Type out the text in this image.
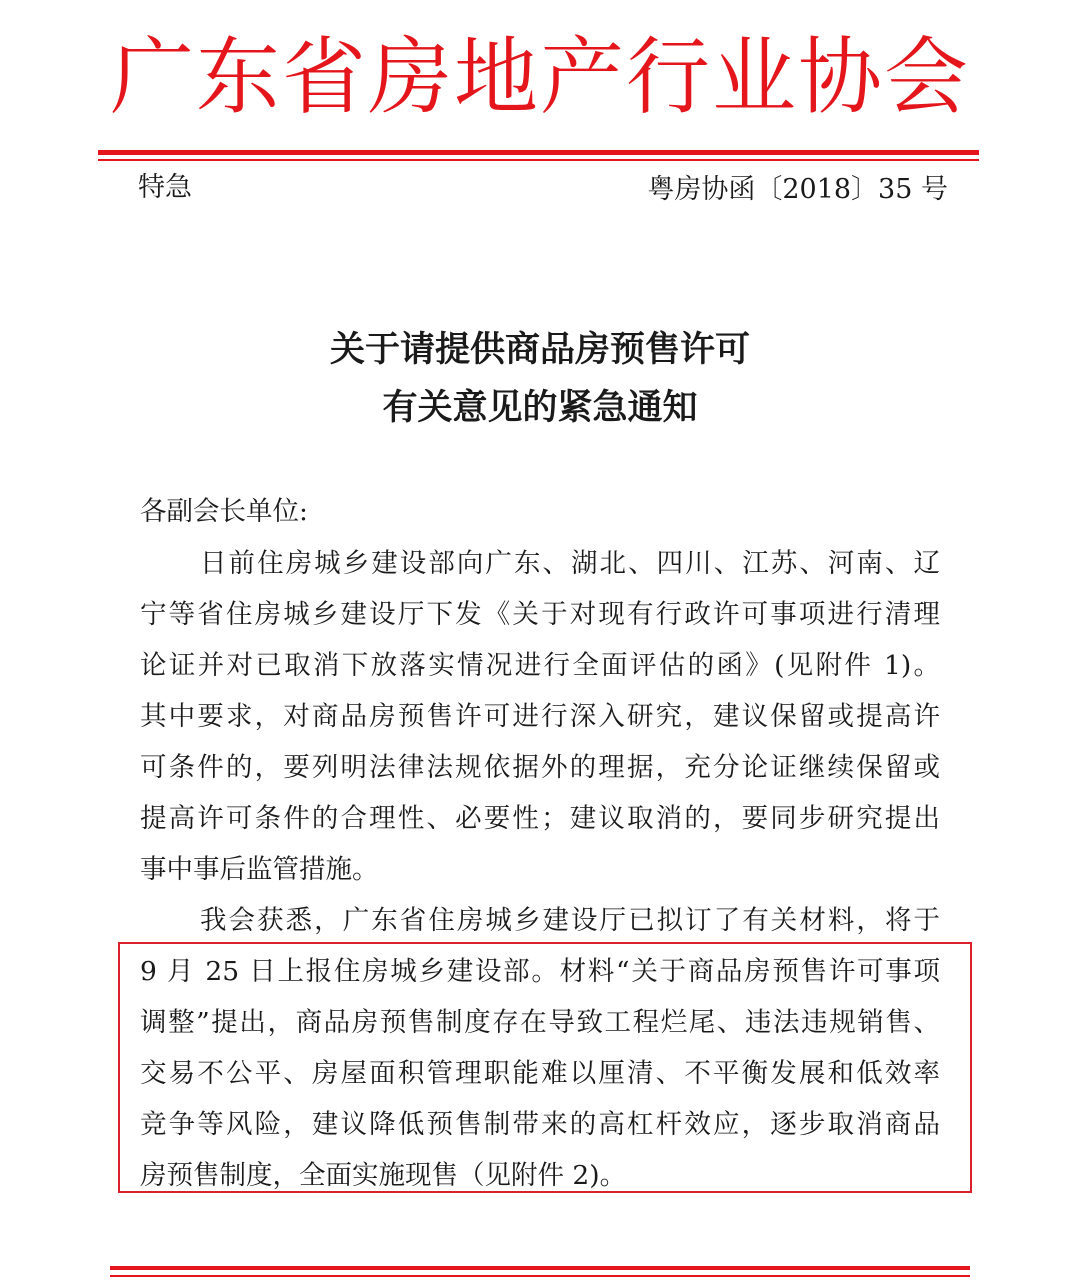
广东省房地产行业协会
特急	粤房协函〔2018〕35 号
关于请提供商品房预售许可
有关意见的紧急通知
各副会长单位:
日前住房城乡建设部向广东、湖北、四川、江苏、河南、辽
宁等省住房城乡建设厅下发《关于对现有行政许可事项进行清理
论证并对已取消下放落实情况进行全面评估的函》(见附件 1)。
其中要求，对商品房预售许可进行深入研究，建议保留或提高许
可条件的，要列明法律法规依据外的理据，充分论证继续保留或
提高许可条件的合理性、必要性；建议取消的，要同步研究提出
事中事后监管措施。
我会获悉，广东省住房城乡建设厅已拟订了有关材料，将于
9 月 25 日上报住房城乡建设部。材料“关于商品房预售许可事项
调整”提出，商品房预售制度存在导致工程烂尾、违法违规销售、
交易不公平、房屋面积管理职能难以厘清、不平衡发展和低效率
竞争等风险，建议降低预售制带来的高杠杆效应，逐步取消商品
房预售制度，全面实施现售（见附件 2)。
